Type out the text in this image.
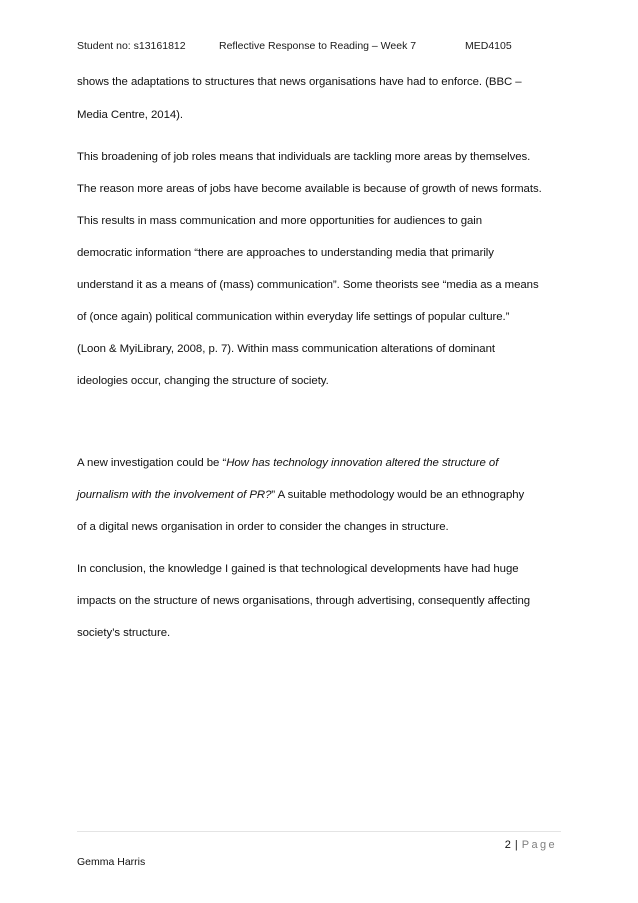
Student no: s13161812	Reflective Response to Reading – Week 7	MED4105
shows the adaptations to structures that news organisations have had to enforce. (BBC –
Media Centre, 2014).
This broadening of job roles means that individuals are tackling more areas by themselves.
The reason more areas of jobs have become available is because of growth of news formats.
This results in mass communication and more opportunities for audiences to gain
democratic information “there are approaches to understanding media that primarily
understand it as a means of (mass) communication”. Some theorists see “media as a means
of (once again) political communication within everyday life settings of popular culture.”
(Loon & MyiLibrary, 2008, p. 7). Within mass communication alterations of dominant
ideologies occur, changing the structure of society.
A new investigation could be “How has technology innovation altered the structure of
journalism with the involvement of PR?” A suitable methodology would be an ethnography
of a digital news organisation in order to consider the changes in structure.
In conclusion, the knowledge I gained is that technological developments have had huge
impacts on the structure of news organisations, through advertising, consequently affecting
society’s structure.
2 | Page
Gemma Harris
